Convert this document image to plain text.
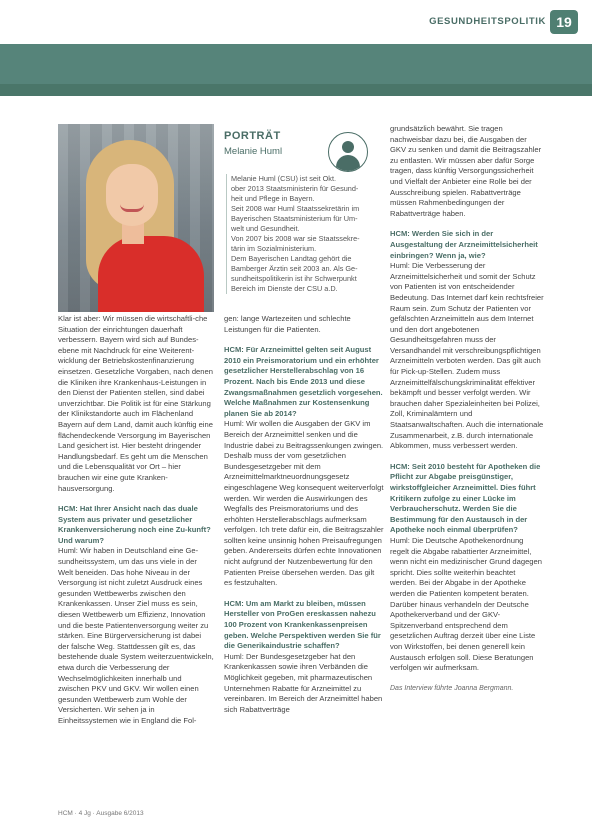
GESUNDHEITSPOLITIK 19
PORTRÄT
Melanie Huml

Melanie Huml (CSU) ist seit Okt.

ober 2013 Staatsministerin für Gesund-

heit und Pflege in Bayern.

Seit 2008 war Huml Staatssekretärin im

Bayerischen Staatsministerium für Um-

welt und Gesundheit.

Von 2007 bis 2008 war sie Staatssekre-

tärin im Sozialministerium.

Dem Bayerischen Landtag gehört die

Bamberger Ärztin seit 2003 an. Als Ge-

sundheitspolitikerin ist ihr Schwerpunkt

Bereich im Dienste der CSU a.D.

Klar ist aber: Wir müssen die wirtschaftli-che Situation der einrichtungen dauerhaft verbessern. Bayern wird sich auf Bundes-ebene mit Nachdruck für eine Weiterent-wicklung der Betriebskostenfinanzierung einsetzen. Gesetzliche Vorgaben, nach denen die Kliniken ihre Krankenhaus-Leistungen in den Dienst der Patienten stellen, sind dabei unverzichtbar. Die Politik ist für eine Stärkung der Klinikstandorte auch im Flächenland Bayern auf dem Land, damit auch künftig eine flächendeckende Versorgung im Bayerischen Land gesichert ist. Hier besteht dringender Handlungsbedarf. Es geht um die Menschen und die Lebensqualität vor Ort – hier brauchen wir eine gute Kranken-hausversorgung.

HCM: Hat Ihrer Ansicht nach das duale System aus privater und gesetzlicher Krankenversicherung noch eine Zu-kunft? Und warum?

Huml: Wir haben in Deutschland eine Ge-sundheitssystem, um das uns viele in der Welt beneiden. Das hohe Niveau in der Versorgung ist nicht zuletzt Ausdruck eines gesunden Wettbewerbs zwischen den Krankenkassen. Unser Ziel muss es sein, diesen Wettbewerb um Effizienz, Innovation und die beste Patientenversorgung weiter zu stärken. Eine Bürgerversicherung ist dabei der falsche Weg. Stattdessen gilt es, das bestehende duale System weiterzuentwickeln, etwa durch die Verbesserung der Wechselmöglichkeiten innerhalb und zwischen PKV und GKV. Wir wollen einen gesunden Wettbewerb zum Wohle der Versicherten. Wir sehen ja in Einheitssystemen wie in England die Fol-

gen: lange Wartezeiten und schlechte Leistungen für die Patienten.

HCM: Für Arzneimittel gelten seit August 2010 ein Preismoratorium und ein erhöhter gesetzlicher Herstellerabschlag von 16 Prozent. Nach bis Ende 2013 und diese Zwangsmaßnahmen gesetzlich vorgesehen. Welche Maßnahmen zur Kostensenkung planen Sie ab 2014?

Huml: Wir wollen die Ausgaben der GKV im Bereich der Arzneimittel senken und die Industrie dabei zu Beitragssenkungen zwingen. Deshalb muss der vom gesetzlichen Bundesgesetzgeber mit dem Arzneimittelmarktneuordnungsgesetz eingeschlagene Weg konsequent weiterverfolgt werden. Wir werden die Auswirkungen des Wegfalls des Preismoratoriums und des erhöhten Herstellerabschlags aufmerksam verfolgen. Ich trete dafür ein, die Beitragszahler sollten keine unsinnig hohen Preisaufregungen geben. Andererseits dürfen echte Innovationen nicht aufgrund der Nutzenbewertung für den Patienten Preise übersehen werden. Das gilt es festzuhalten.

HCM: Um am Markt zu bleiben, müssen Hersteller von ProGen ereskassen nahezu 100 Prozent von Krankenkassenpreisen geben. Welche Perspektiven werden Sie für die Generikaindustrie schaffen?

Huml: Der Bundesgesetzgeber hat den Krankenkassen sowie ihren Verbänden die Möglichkeit gegeben, mit pharmazeutischen Unternehmen Rabatte für Arzneimittel zu vereinbaren. Im Bereich der Arzneimittel haben sich Rabattverträge

grundsätzlich bewährt. Sie tragen nachweisbar dazu bei, die Ausgaben der GKV zu senken und damit die Beitragszahler zu entlasten. Wir müssen aber dafür Sorge tragen, dass künftig Versorgungssicherheit und Vielfalt der Anbieter eine Rolle bei der Ausschreibung spielen. Rabattverträge müssen Rahmenbedingungen der Rabattverträge haben.

HCM: Werden Sie sich in der Ausgestaltung der Arzneimittelsicherheit einbringen? Wenn ja, wie?

Huml: Die Verbesserung der Arzneimittelsicherheit und somit der Schutz von Patienten ist von entscheidender Bedeutung. Das Internet darf kein rechtsfreier Raum sein. Zum Schutz der Patienten vor gefälschten Arzneimitteln aus dem Internet und den dort angebotenen Gesundheitsgefahren muss der Versandhandel mit verschreibungspflichtigen Arzneimitteln verboten werden. Das gilt auch für Pick-up-Stellen. Zudem muss Arzneimittelfälschungskriminalität effektiver bekämpft und besser verfolgt werden. Wir brauchen daher Spezialeinheiten bei Polizei, Zoll, Kriminalämtern und Staatsanwaltschaften. Auch die internationale Zusammenarbeit, z.B. durch internationale Abkommen, muss verbessert werden.

HCM: Seit 2010 besteht für Apotheken die Pflicht zur Abgabe preisgünstiger, wirkstoffgleicher Arzneimittel. Dies führt Kritikern zufolge zu einer Lücke im Verbraucherschutz. Werden Sie die Bestimmung für den Austausch in der Apotheke noch einmal überprüfen?

Huml: Die Deutsche Apothekenordnung regelt die Abgabe rabattierter Arzneimittel, wenn nicht ein medizinischer Grund dagegen spricht. Dies sollte weiterhin beachtet werden. Bei der Abgabe in der Apotheke werden die Patienten kompetent beraten. Darüber hinaus verhandeln der Deutsche Apothekerverband und der GKV-Spitzenverband entsprechend dem gesetzlichen Auftrag derzeit über eine Liste von Wirkstoffen, bei denen generell kein Austausch erfolgen soll. Diese Beratungen verfolgen wir aufmerksam.

Das Interview führte Joanna Bergmann.

HCM · 4 Jg · Ausgabe 6/2013
